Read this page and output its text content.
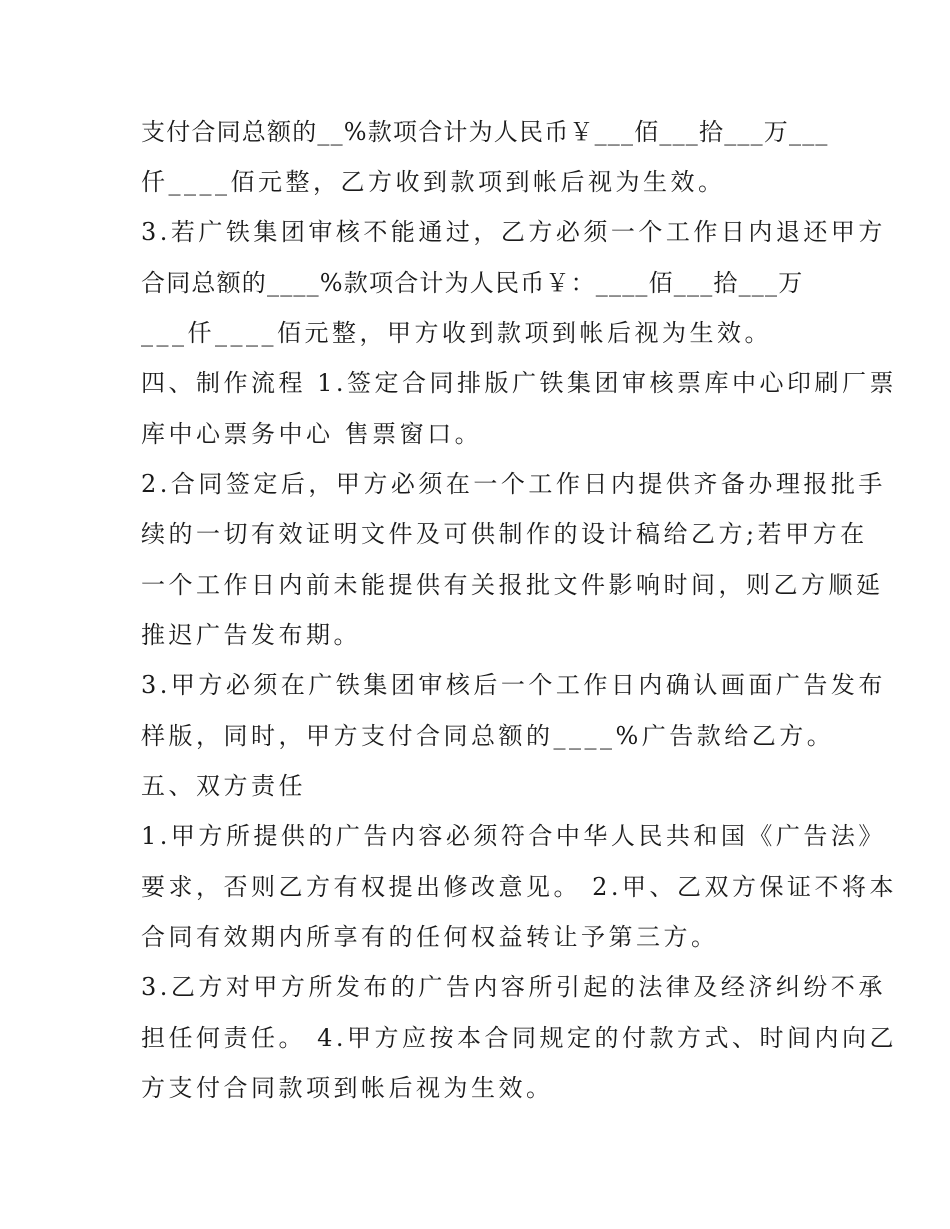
支付合同总额的__%款项合计为人民币￥___佰___拾___万___
仟____佰元整，乙方收到款项到帐后视为生效。
3.若广铁集团审核不能通过，乙方必须一个工作日内退还甲方
合同总额的____%款项合计为人民币￥：____佰___拾___万
___仟____佰元整，甲方收到款项到帐后视为生效。
四、制作流程 1.签定合同排版广铁集团审核票库中心印刷厂票
库中心票务中心 售票窗口。
2.合同签定后，甲方必须在一个工作日内提供齐备办理报批手
续的一切有效证明文件及可供制作的设计稿给乙方;若甲方在
一个工作日内前未能提供有关报批文件影响时间，则乙方顺延
推迟广告发布期。
3.甲方必须在广铁集团审核后一个工作日内确认画面广告发布
样版，同时，甲方支付合同总额的____%广告款给乙方。
五、双方责任
1.甲方所提供的广告内容必须符合中华人民共和国《广告法》
要求，否则乙方有权提出修改意见。 2.甲、乙双方保证不将本
合同有效期内所享有的任何权益转让予第三方。
3.乙方对甲方所发布的广告内容所引起的法律及经济纠纷不承
担任何责任。 4.甲方应按本合同规定的付款方式、时间内向乙
方支付合同款项到帐后视为生效。
